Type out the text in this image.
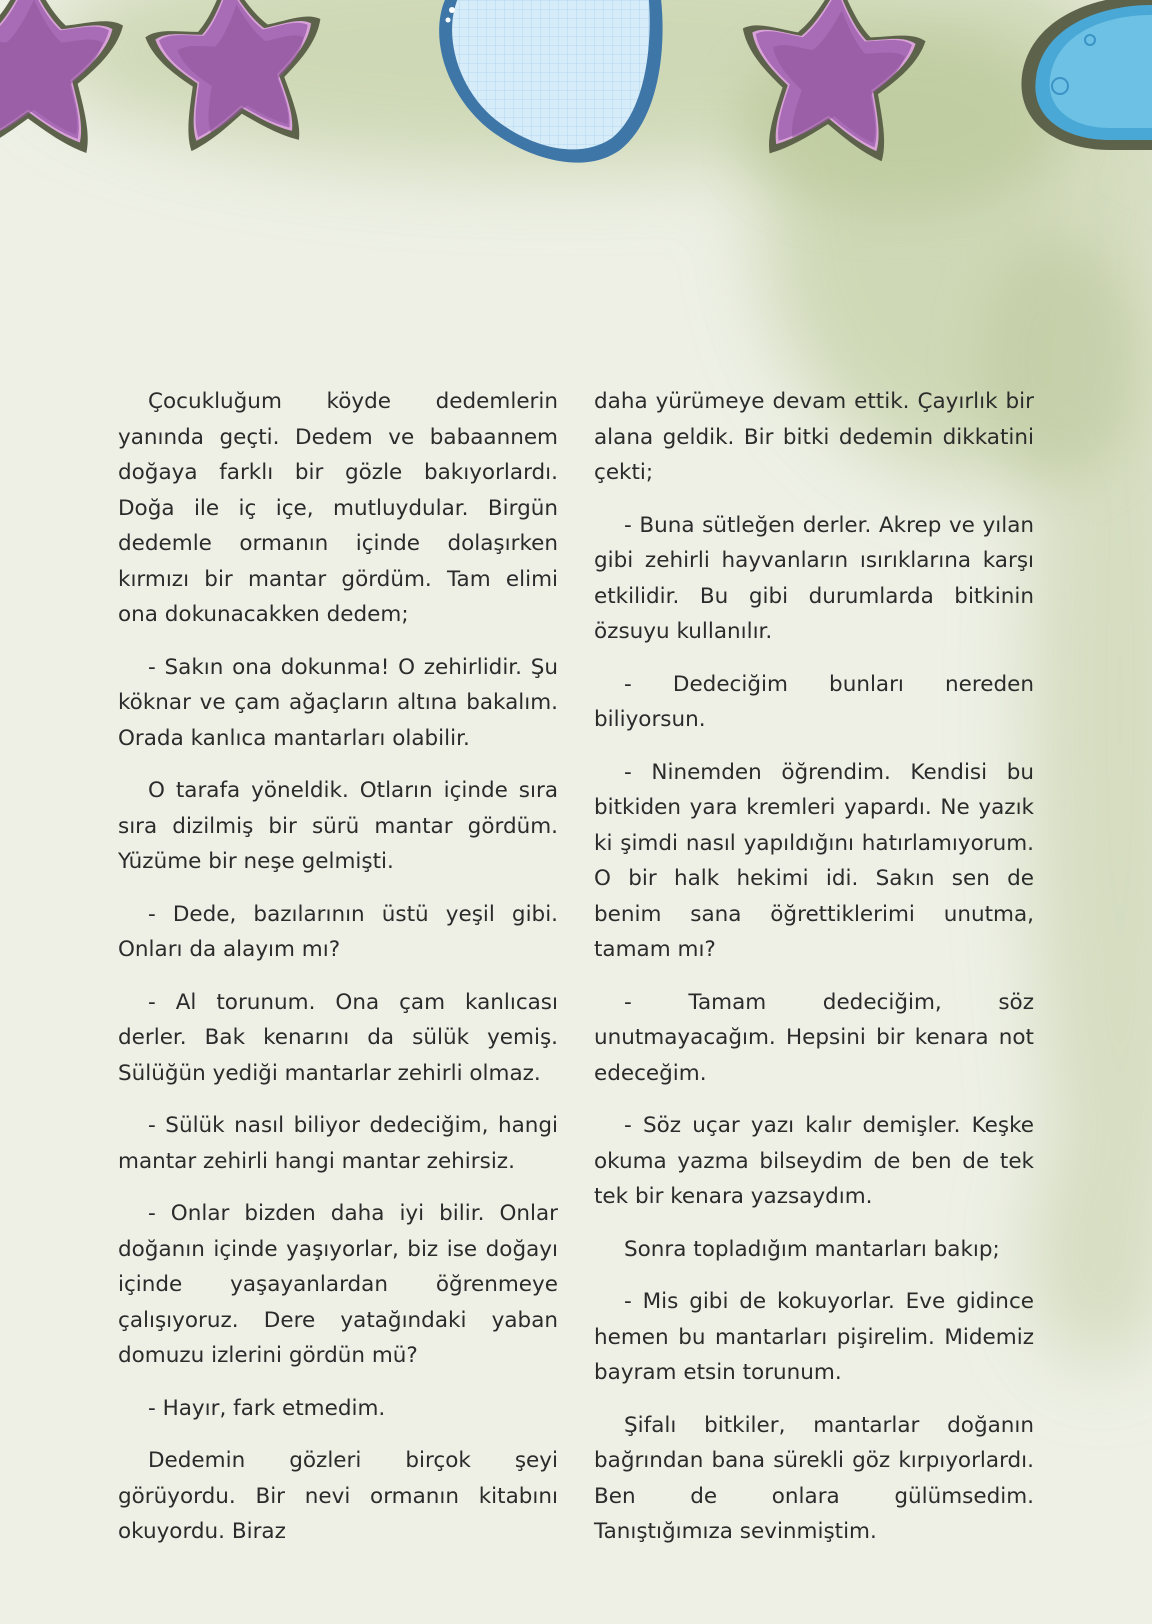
Çocukluğum köyde dedemlerin yanında geçti. Dedem ve babaannem doğaya farklı bir gözle bakıyorlardı. Doğa ile iç içe, mutluydular. Birgün dedemle ormanın içinde dolaşırken kırmızı bir mantar gördüm. Tam elimi ona dokunacakken dedem;

- Sakın ona dokunma! O zehirlidir. Şu köknar ve çam ağaçların altına bakalım. Orada kanlıca mantarları olabilir.

O tarafa yöneldik. Otların içinde sıra sıra dizilmiş bir sürü mantar gördüm. Yüzüme bir neşe gelmişti.

- Dede, bazılarının üstü yeşil gibi. Onları da alayım mı?

- Al torunum. Ona çam kanlıcası derler. Bak kenarını da sülük yemiş. Sülüğün yediği mantarlar zehirli olmaz.

- Sülük nasıl biliyor dedeciğim, hangi mantar zehirli hangi mantar zehirsiz.

- Onlar bizden daha iyi bilir. Onlar doğanın içinde yaşıyorlar, biz ise doğayı içinde yaşayanlardan öğrenmeye çalışıyoruz. Dere yatağındaki yaban domuzu izlerini gördün mü?

- Hayır, fark etmedim.

Dedemin gözleri birçok şeyi görüyordu. Bir nevi ormanın kitabını okuyordu. Biraz

daha yürümeye devam ettik. Çayırlık bir alana geldik. Bir bitki dedemin dikkatini çekti;

- Buna sütleğen derler. Akrep ve yılan gibi zehirli hayvanların ısırıklarına karşı etkilidir. Bu gibi durumlarda bitkinin özsuyu kullanılır.

- Dedeciğim bunları nereden biliyorsun.

- Ninemden öğrendim. Kendisi bu bitkiden yara kremleri yapardı. Ne yazık ki şimdi nasıl yapıldığını hatırlamıyorum. O bir halk hekimi idi. Sakın sen de benim sana öğrettiklerimi unutma, tamam mı?

- Tamam dedeciğim, söz unutmayacağım. Hepsini bir kenara not edeceğim.

- Söz uçar yazı kalır demişler. Keşke okuma yazma bilseydim de ben de tek tek bir kenara yazsaydım.

Sonra topladığım mantarları bakıp;

- Mis gibi de kokuyorlar. Eve gidince hemen bu mantarları pişirelim. Midemiz bayram etsin torunum.

Şifalı bitkiler, mantarlar doğanın bağrından bana sürekli göz kırpıyorlardı. Ben de onlara gülümsedim. Tanıştığımıza sevinmiştim.
